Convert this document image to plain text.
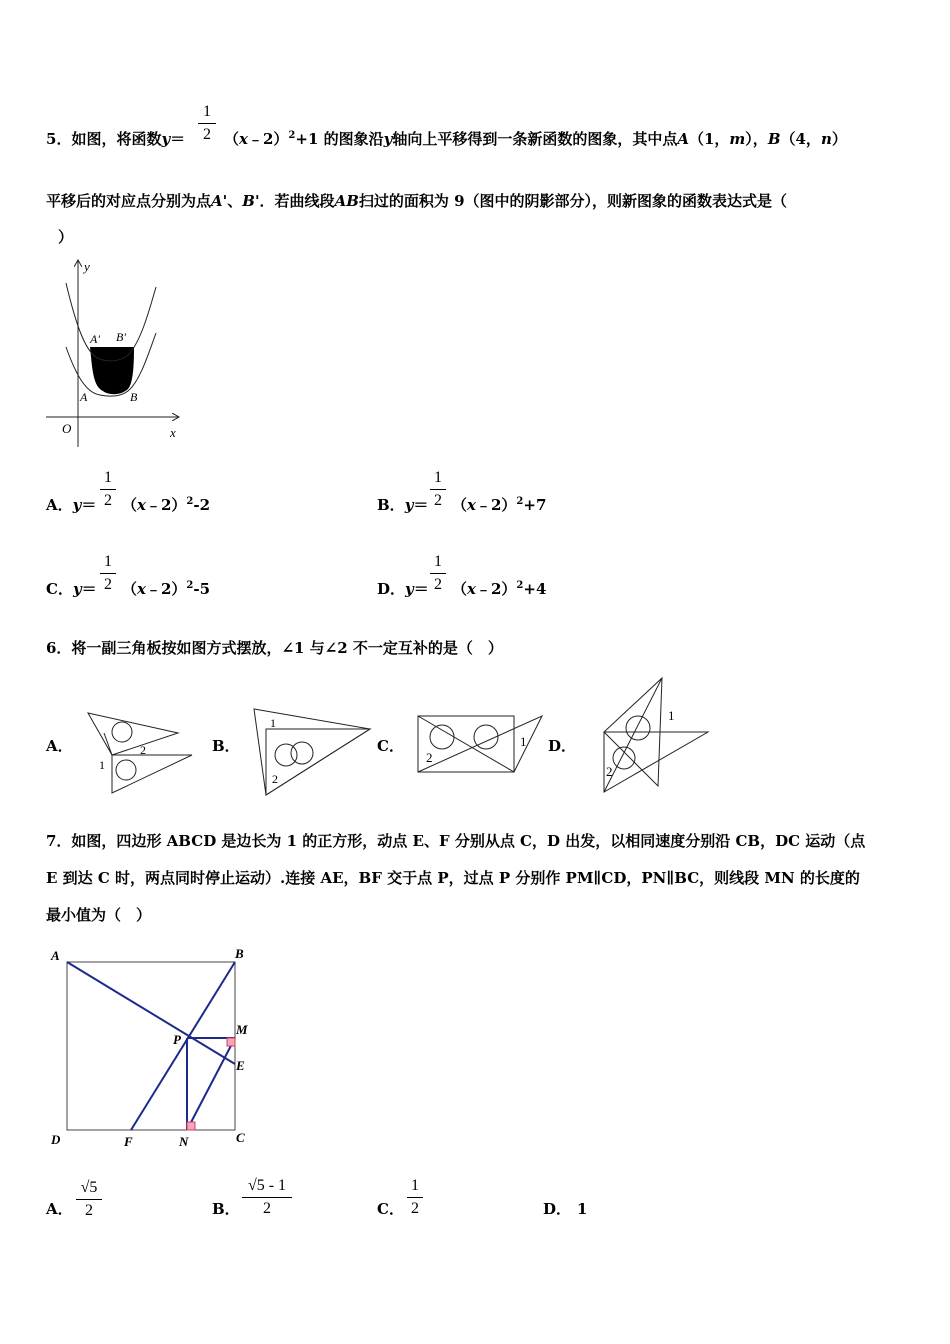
5．如图，将函数y＝
1
2 （x﹣2）$^2$+1 的图象沿y轴向上平移得到一条新函数的图象，其中点A（1，m），B（4，n）
平移后的对应点分别为点A'、B'．若曲线段AB扫过的面积为 9（图中的阴影部分），则新图象的函数表达式是（
）
y
x
O
A	B
A' B'
A．y＝
1
2 （x﹣2）$^2$-2	B．y＝
1
2 （x﹣2）$^2$+7
C．y＝
1
2 （x﹣2）$^2$-5	D．y＝
1
2 （x﹣2）$^2$+4
6．将一副三角板按如图方式摆放，∠1 与∠2 不一定互补的是（　）
A．	2
1
B．
1
2
C．
2
1 D．
1
2
7．如图，四边形 ABCD 是边长为 1 的正方形，动点 E、F 分别从点 C，D 出发，以相同速度分别沿 CB，DC 运动（点
E 到达 C 时，两点同时停止运动）.连接 AE，BF 交于点 P，过点 P 分别作 PM∥CD，PN∥BC，则线段 MN 的长度的
最小值为（　）
A	B
C
D
E
F
M
N
P
A．
√5
2	B．
√5 - 1
2	C．
1
2	D． 1
